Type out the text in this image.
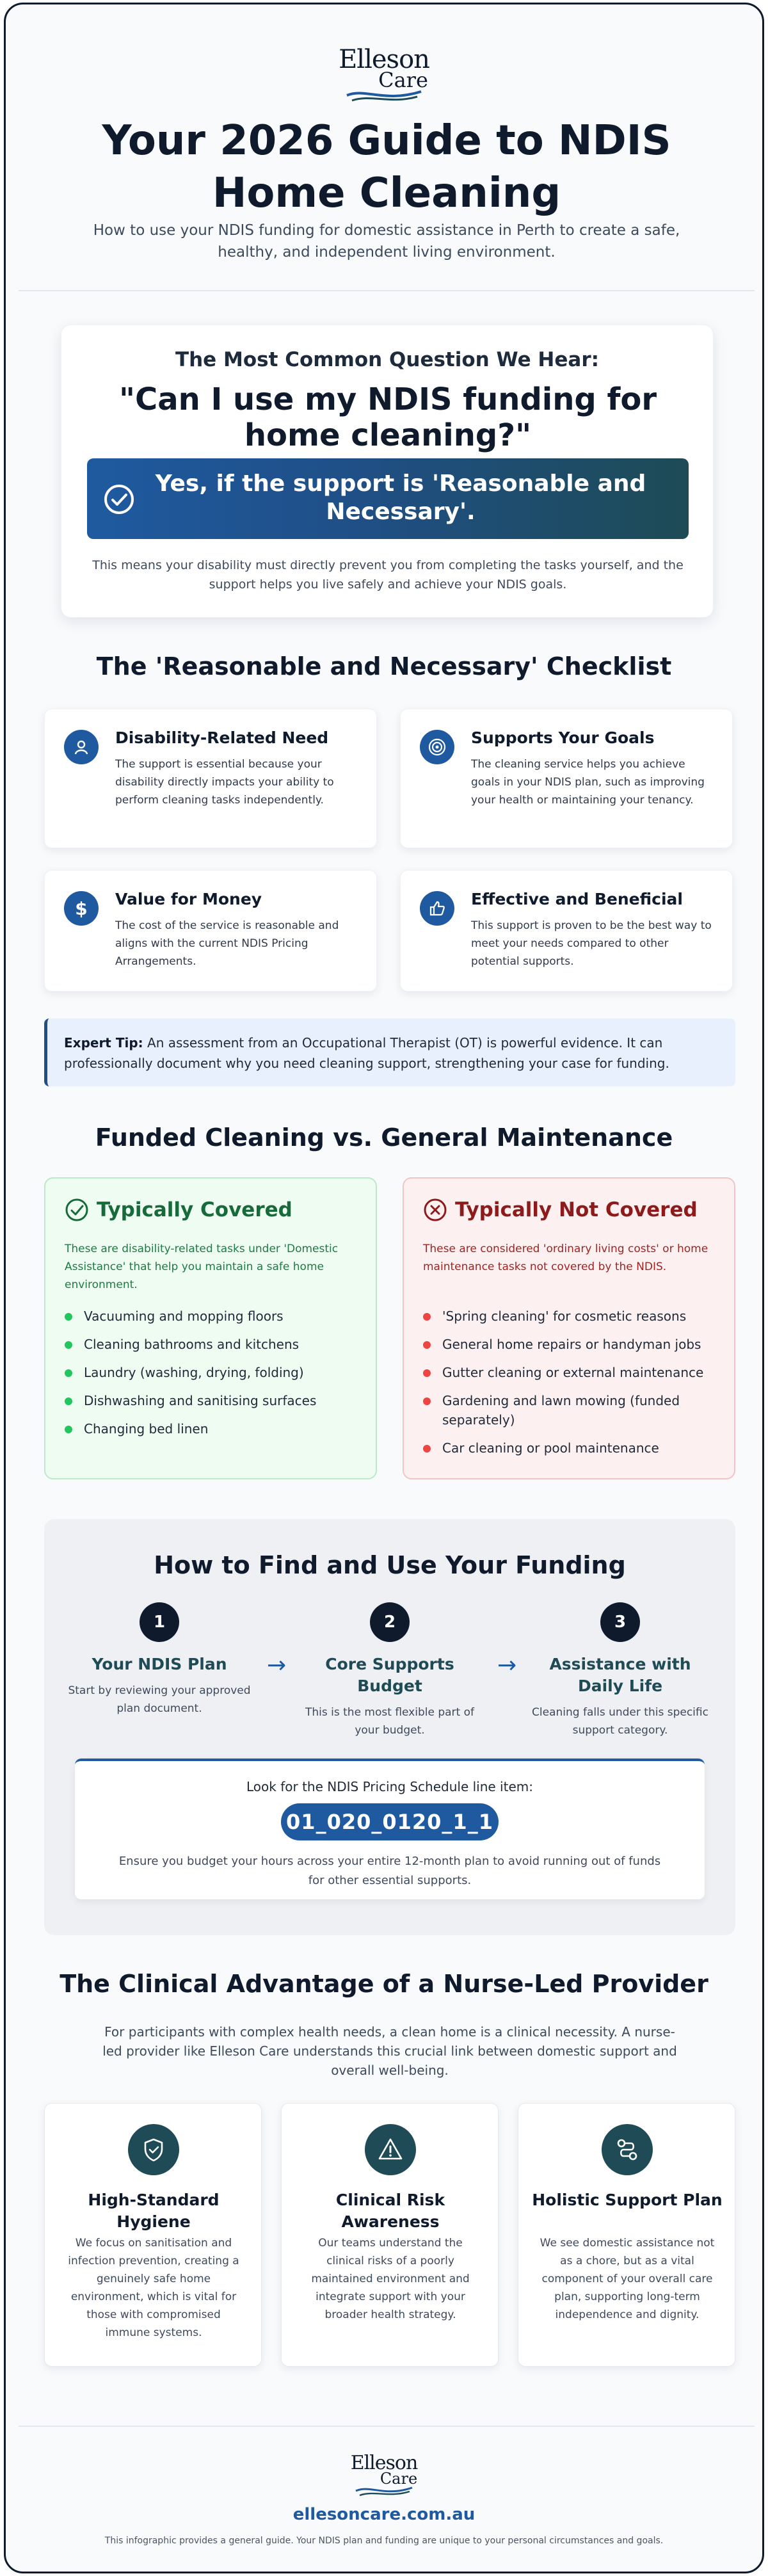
Elleson
Care
Your 2026 Guide to NDIS Home Cleaning

How to use your NDIS funding for domestic assistance in Perth to create a safe, healthy, and independent living environment.

The Most Common Question We Hear:
"Can I use my NDIS funding for home cleaning?"
Yes, if the support is 'Reasonable and Necessary'.

This means your disability must directly prevent you from completing the tasks yourself, and the support helps you live safely and achieve your NDIS goals.

The 'Reasonable and Necessary' Checklist
Disability-Related Need
The support is essential because your disability directly impacts your ability to perform cleaning tasks independently.
Supports Your Goals
The cleaning service helps you achieve goals in your NDIS plan, such as improving your health or maintaining your tenancy.
$ Value for Money
The cost of the service is reasonable and aligns with the current NDIS Pricing Arrangements.
Effective and Beneficial
This support is proven to be the best way to meet your needs compared to other potential supports.
Expert Tip: An assessment from an Occupational Therapist (OT) is powerful evidence. It can professionally document why you need cleaning support, strengthening your case for funding.
Funded Cleaning vs. General Maintenance
Typically Covered

These are disability-related tasks under 'Domestic Assistance' that help you maintain a safe home environment.

Vacuuming and mopping floors
Cleaning bathrooms and kitchens
Laundry (washing, drying, folding)
Dishwashing and sanitising surfaces
Changing bed linen
Typically Not Covered

These are considered 'ordinary living costs' or home maintenance tasks not covered by the NDIS.

'Spring cleaning' for cosmetic reasons
General home repairs or handyman jobs
Gutter cleaning or external maintenance
Gardening and lawn mowing (funded separately)
Car cleaning or pool maintenance
How to Find and Use Your Funding
1
Your NDIS Plan
Start by reviewing your approved plan document.
→
2
Core Supports Budget
This is the most flexible part of your budget.
→
3
Assistance with Daily Life
Cleaning falls under this specific support category.
Look for the NDIS Pricing Schedule line item:
01_020_0120_1_1
Ensure you budget your hours across your entire 12-month plan to avoid running out of funds for other essential supports.
The Clinical Advantage of a Nurse-Led Provider

For participants with complex health needs, a clean home is a clinical necessity. A nurse-led provider like Elleson Care understands this crucial link between domestic support and overall well-being.

High-Standard Hygiene
We focus on sanitisation and infection prevention, creating a genuinely safe home environment, which is vital for those with compromised immune systems.
Clinical Risk Awareness
Our teams understand the clinical risks of a poorly maintained environment and integrate support with your broader health strategy.
Holistic Support Plan
We see domestic assistance not as a chore, but as a vital component of your overall care plan, supporting long-term independence and dignity.
Elleson
Care
ellesoncare.com.au
This infographic provides a general guide. Your NDIS plan and funding are unique to your personal circumstances and goals.
